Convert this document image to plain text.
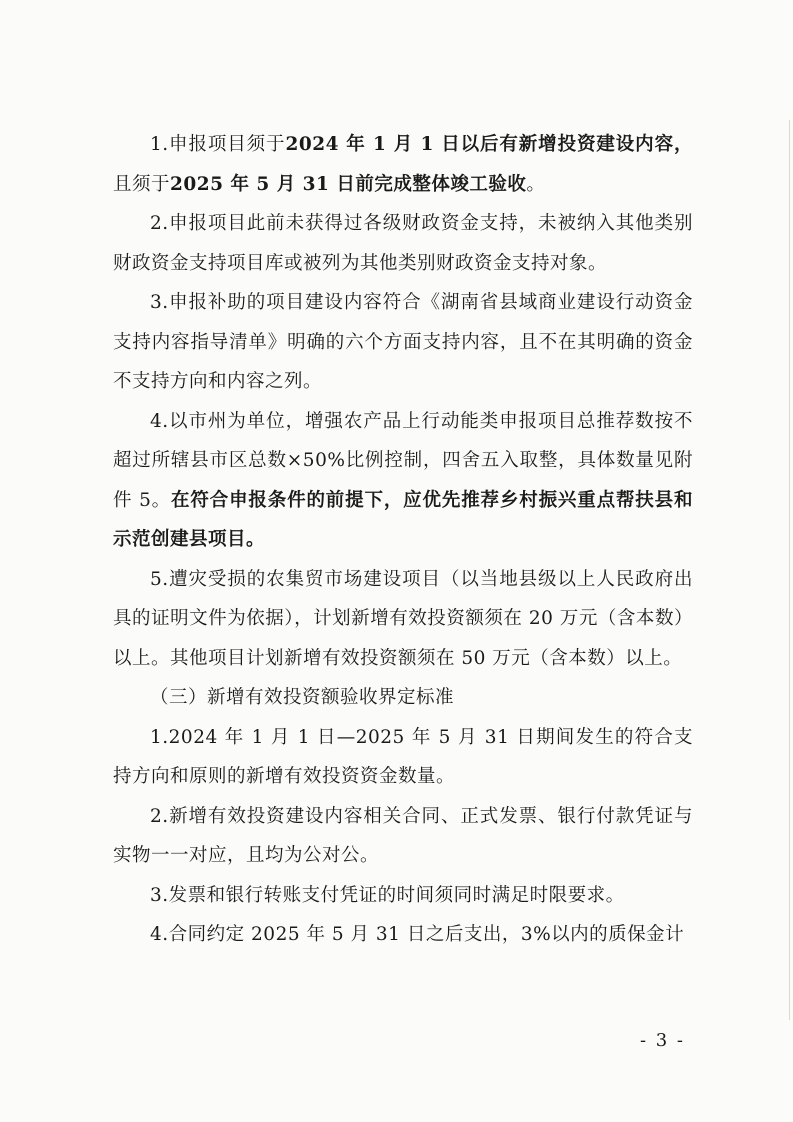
1.申报项目须于2024 年 1 月 1 日以后有新增投资建设内容，且须于2025 年 5 月 31 日前完成整体竣工验收。

2.申报项目此前未获得过各级财政资金支持，未被纳入其他类别财政资金支持项目库或被列为其他类别财政资金支持对象。

3.申报补助的项目建设内容符合《湖南省县域商业建设行动资金支持内容指导清单》明确的六个方面支持内容，且不在其明确的资金不支持方向和内容之列。

4.以市州为单位，增强农产品上行动能类申报项目总推荐数按不超过所辖县市区总数×50%比例控制，四舍五入取整，具体数量见附件 5。在符合申报条件的前提下，应优先推荐乡村振兴重点帮扶县和示范创建县项目。

5.遭灾受损的农集贸市场建设项目（以当地县级以上人民政府出具的证明文件为依据），计划新增有效投资额须在 20 万元（含本数）以上。其他项目计划新增有效投资额须在 50 万元（含本数）以上。

（三）新增有效投资额验收界定标准

1.2024 年 1 月 1 日—2025 年 5 月 31 日期间发生的符合支持方向和原则的新增有效投资资金数量。

2.新增有效投资建设内容相关合同、正式发票、银行付款凭证与实物一一对应，且均为公对公。

3.发票和银行转账支付凭证的时间须同时满足时限要求。

4.合同约定 2025 年 5 月 31 日之后支出，3%以内的质保金计

- 3 -
